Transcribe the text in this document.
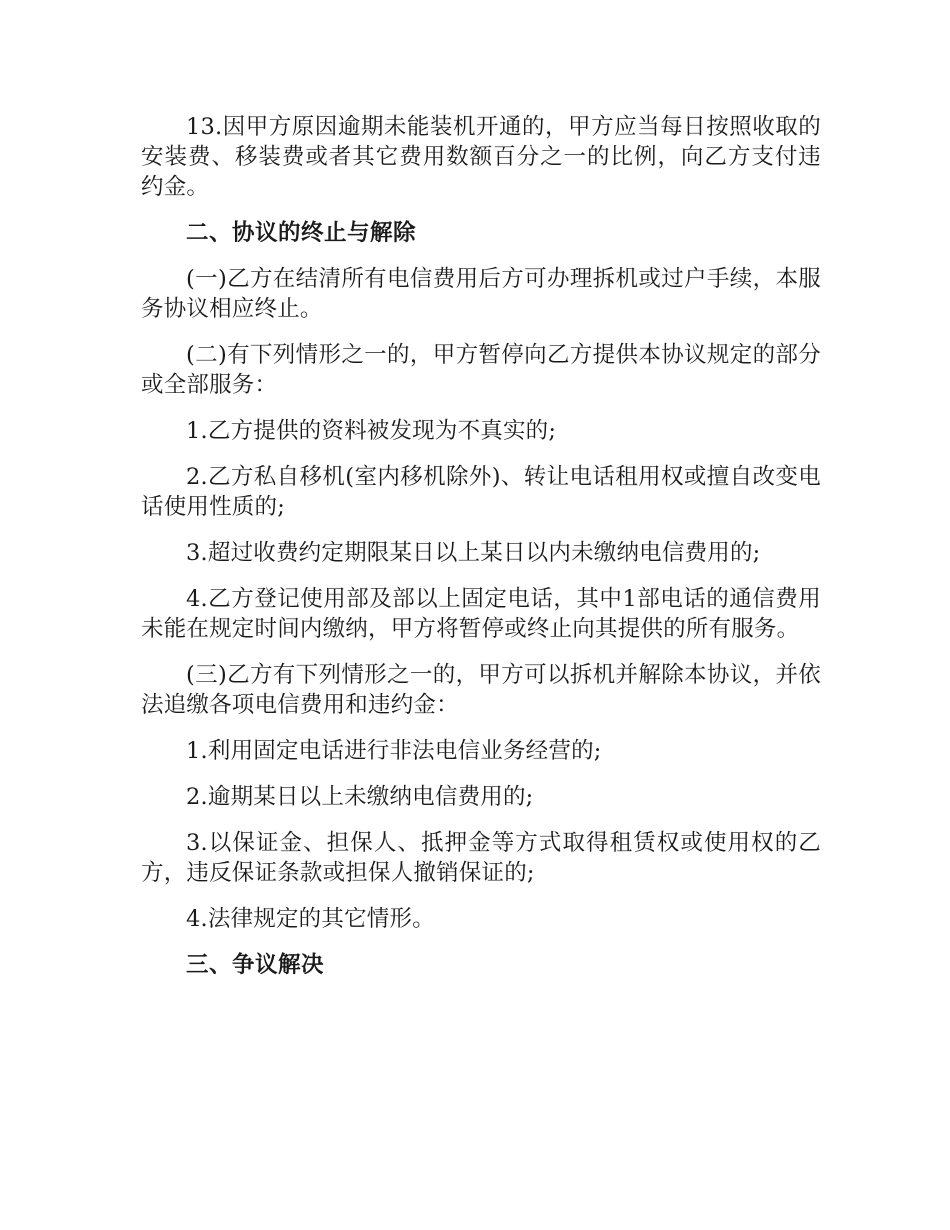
13.因甲方原因逾期未能装机开通的，甲方应当每日按照收取的安装费、移装费或者其它费用数额百分之一的比例，向乙方支付违约金。

二、协议的终止与解除

(一)乙方在结清所有电信费用后方可办理拆机或过户手续，本服务协议相应终止。

(二)有下列情形之一的，甲方暂停向乙方提供本协议规定的部分或全部服务：

1.乙方提供的资料被发现为不真实的;

2.乙方私自移机(室内移机除外)、转让电话租用权或擅自改变电话使用性质的;

3.超过收费约定期限某日以上某日以内未缴纳电信费用的;

4.乙方登记使用部及部以上固定电话，其中1部电话的通信费用未能在规定时间内缴纳，甲方将暂停或终止向其提供的所有服务。

(三)乙方有下列情形之一的，甲方可以拆机并解除本协议，并依法追缴各项电信费用和违约金：

1.利用固定电话进行非法电信业务经营的;

2.逾期某日以上未缴纳电信费用的;

3.以保证金、担保人、抵押金等方式取得租赁权或使用权的乙方，违反保证条款或担保人撤销保证的;

4.法律规定的其它情形。

三、争议解决
